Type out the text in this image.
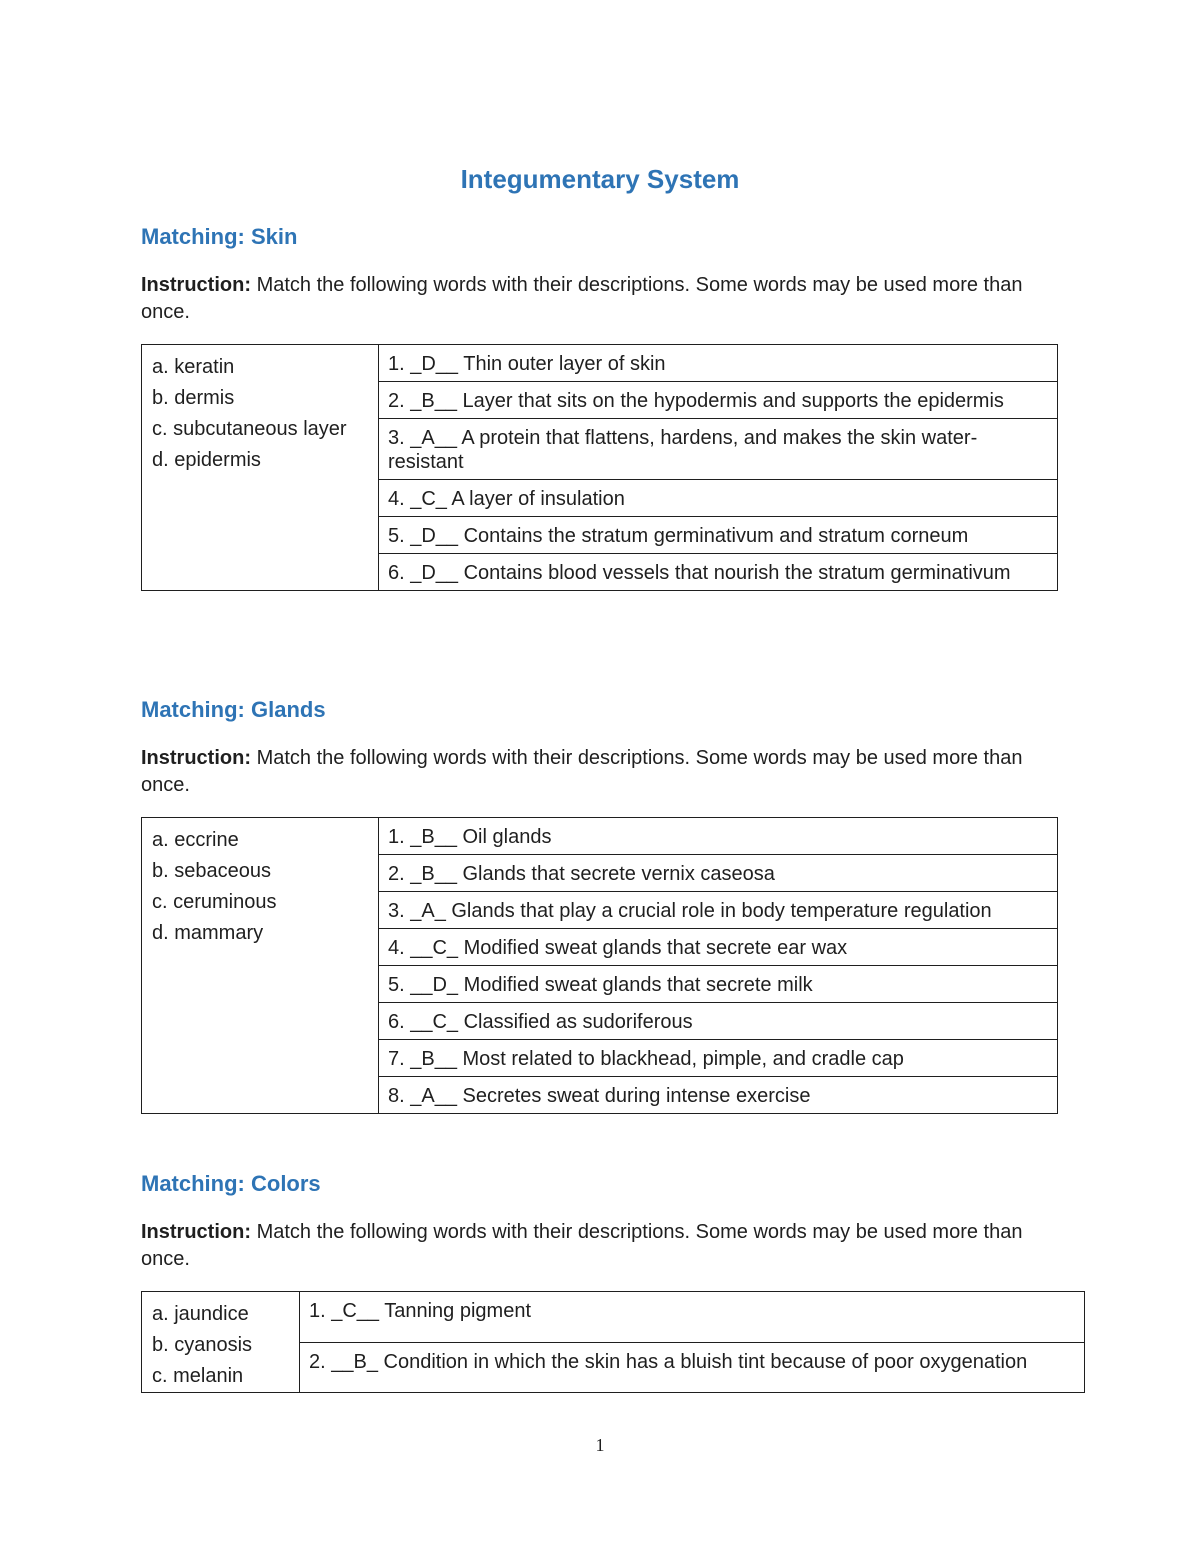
Integumentary System
Matching: Skin

Instruction: Match the following words with their descriptions. Some words may be used more than once.

a. keratin
b. dermis
c. subcutaneous layer
d. epidermis
	1. _D__ Thin outer layer of skin
2. _B__ Layer that sits on the hypodermis and supports the epidermis
3. _A__ A protein that flattens, hardens, and makes the skin water-resistant
4. _C_ A layer of insulation
5. _D__ Contains the stratum germinativum and stratum corneum
6. _D__ Contains blood vessels that nourish the stratum germinativum
Matching: Glands

Instruction: Match the following words with their descriptions. Some words may be used more than once.

a. eccrine
b. sebaceous
c. ceruminous
d. mammary
	1. _B__ Oil glands
2. _B__ Glands that secrete vernix caseosa
3. _A_ Glands that play a crucial role in body temperature regulation
4. __C_ Modified sweat glands that secrete ear wax
5. __D_ Modified sweat glands that secrete milk
6. __C_ Classified as sudoriferous
7. _B__ Most related to blackhead, pimple, and cradle cap
8. _A__ Secretes sweat during intense exercise
Matching: Colors

Instruction: Match the following words with their descriptions. Some words may be used more than once.

a. jaundice
b. cyanosis
c. melanin
	1. _C__ Tanning pigment
2. __B_ Condition in which the skin has a bluish tint because of poor oxygenation
1
